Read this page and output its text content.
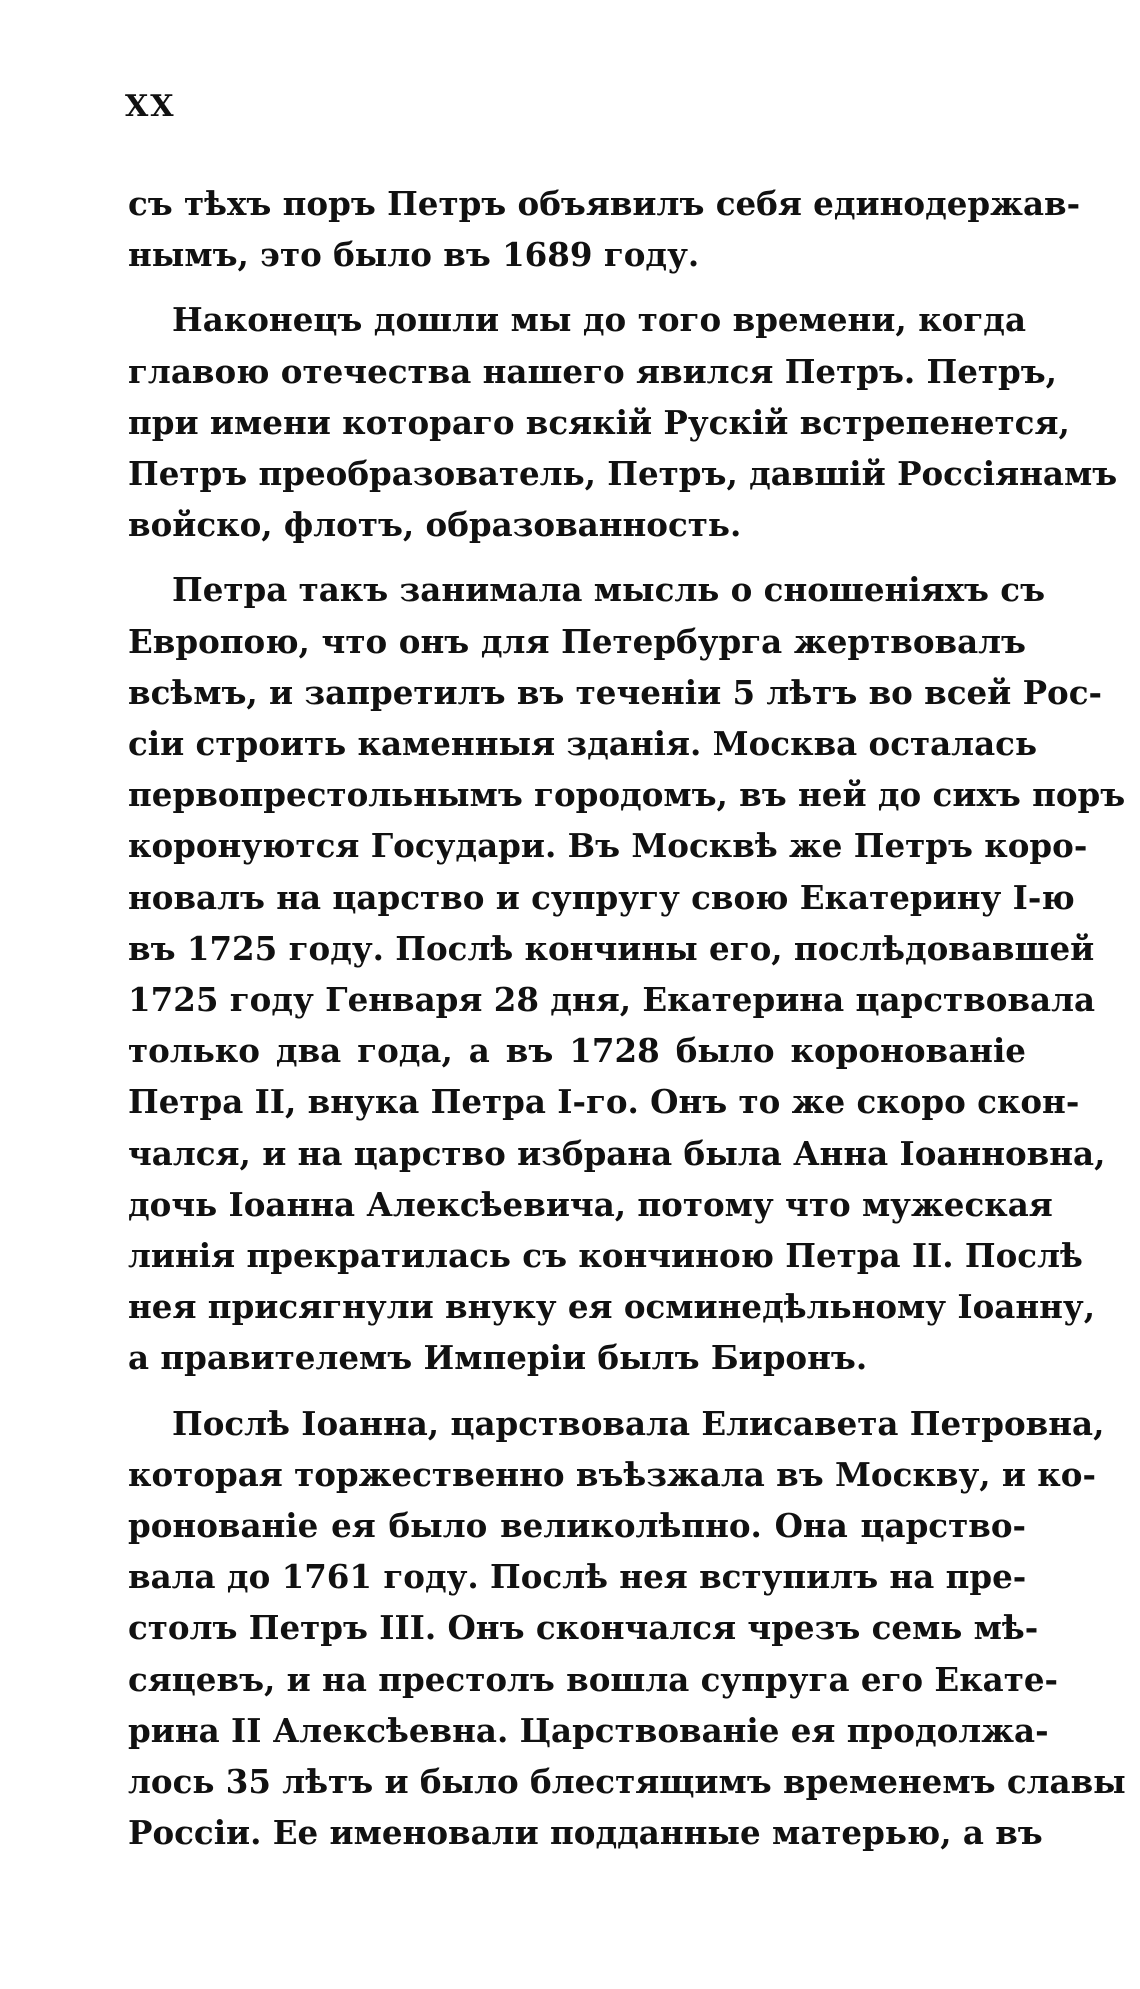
XX

съ тѣхъ поръ Петръ объявилъ себя единодержав-
нымъ, это было въ 1689 году.

Наконецъ дошли мы до того времени, когда
главою отечества нашего явился Петръ. Петръ,
при имени котораго всякій Рускій встрепенется,
Петръ преобразователь, Петръ, давшій Россіянамъ
войско, флотъ, образованность.

Петра такъ занимала мысль о сношеніяхъ съ
Европою, что онъ для Петербурга жертвовалъ
всѣмъ, и запретилъ въ теченіи 5 лѣтъ во всей Рос-
сіи строить каменныя зданія. Москва осталась
первопрестольнымъ городомъ, въ ней до сихъ поръ
коронуются Государи. Въ Москвѣ же Петръ коро-
новалъ на царство и супругу свою Екатерину I-ю
въ 1725 году. Послѣ кончины его, послѣдовавшей
1725 году Генваря 28 дня, Екатерина царствовала
только два года, а въ 1728 было коронованіе
Петра II, внука Петра I-го. Онъ то же скоро скон-
чался, и на царство избрана была Анна Іоанновна,
дочь Іоанна Алексѣевича, потому что мужеская
линія прекратилась съ кончиною Петра II. Послѣ
нея присягнули внуку ея осминедѣльному Іоанну,
а правителемъ Имперіи былъ Биронъ.

Послѣ Іоанна, царствовала Елисавета Петровна,
которая торжественно въѣзжала въ Москву, и ко-
ронованіе ея было великолѣпно. Она царство-
вала до 1761 году. Послѣ нея вступилъ на пре-
столъ Петръ III. Онъ скончался чрезъ семь мѣ-
сяцевъ, и на престолъ вошла супруга его Екате-
рина II Алексѣевна. Царствованіе ея продолжа-
лось 35 лѣтъ и было блестящимъ временемъ славы
Россіи. Ее именовали подданные матерью, а въ
